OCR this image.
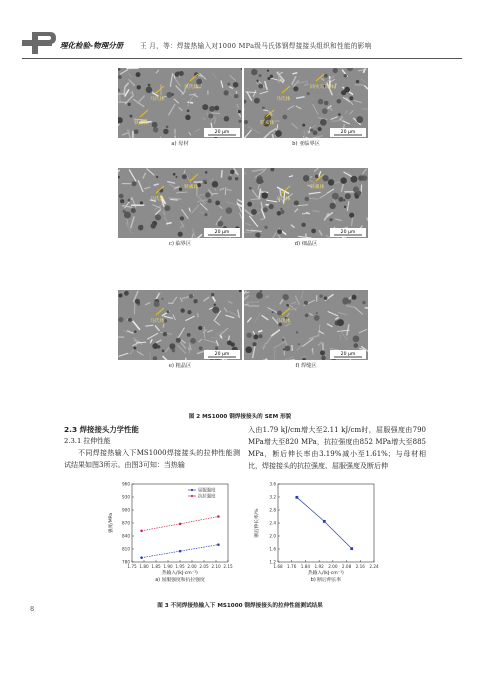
理化检验-物理分册	王 月，等：焊接热输入对1000 MPa级马氏体钢焊接接头组织和性能的影响
20 μm
马氏体
贝氏体
铁素体
a) 母材
20 μm
马氏体
回火马氏体
铁素体
b) 亚临界区
20 μm
马氏体
铁素体
c) 临界区
20 μm
马氏体
铁素体
d) 细晶区
20 μm
马氏体
e) 粗晶区
20 μm
马氏体
f) 焊缝区
图 2 MS1000 钢焊接接头的 SEM 形貌
2.3 焊接接头力学性能
2.3.1 拉伸性能
不同焊接热输入下MS1000焊接接头的拉伸性能测试结果如图3所示。由图3可知：当热输
入由1.79 kJ/cm增大至2.11 kJ/cm时，屈服强度由790 MPa增大至820 MPa，抗拉强度由852 MPa增大至885 MPa，断后伸长率由3.19%减小至1.61%；与母材相比，焊接接头的抗拉强度、屈服强度及断后伸
1.75 1.80 1.85 1.90 1.95 2.00 2.05 2.10 2.15
780
810
840
870
900
930
960
热输入/(kJ·cm⁻¹)
强度/MPa
a) 屈服强度和抗拉强度
屈服强度
抗拉强度
1.68 1.76 1.84 1.92 2.00 2.08 2.16 2.24
1.2
1.6
2.0
2.4
2.8
3.2
3.6
热输入/(kJ·cm⁻¹)
断后伸长率/%
b) 断后伸长率
图 3 不同焊接热输入下 MS1000 钢焊接接头的拉伸性能测试结果
8
